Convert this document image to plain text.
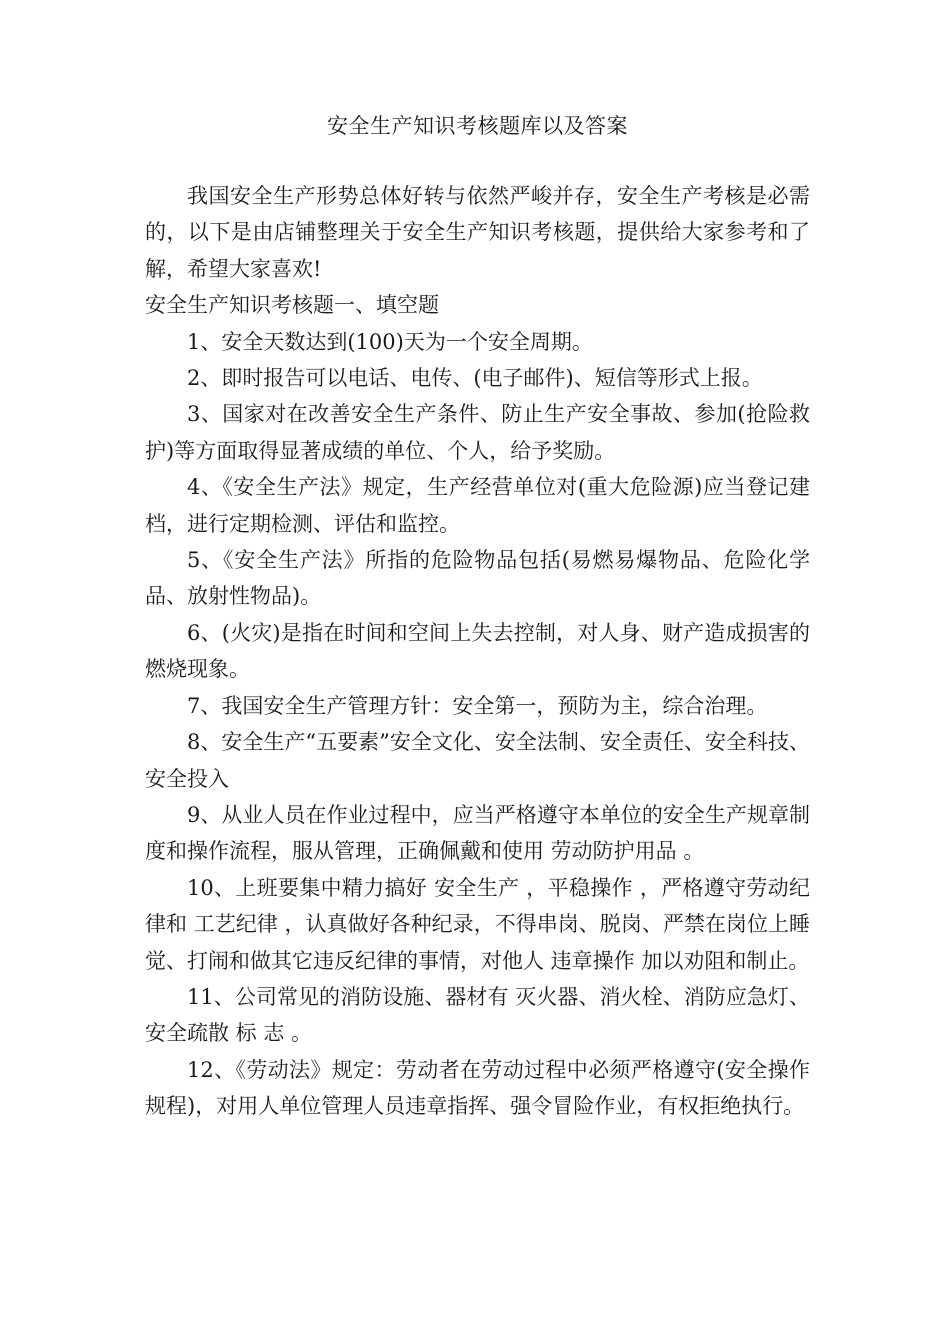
安全生产知识考核题库以及答案

我国安全生产形势总体好转与依然严峻并存，安全生产考核是必需的，以下是由店铺整理关于安全生产知识考核题，提供给大家参考和了解，希望大家喜欢!

安全生产知识考核题一、填空题

1、安全天数达到(100)天为一个安全周期。

2、即时报告可以电话、电传、(电子邮件)、短信等形式上报。

3、国家对在改善安全生产条件、防止生产安全事故、参加(抢险救护)等方面取得显著成绩的单位、个人，给予奖励。

4、《安全生产法》规定，生产经营单位对(重大危险源)应当登记建档，进行定期检测、评估和监控。

5、《安全生产法》所指的危险物品包括(易燃易爆物品、危险化学品、放射性物品)。

6、(火灾)是指在时间和空间上失去控制，对人身、财产造成损害的燃烧现象。

7、我国安全生产管理方针：安全第一，预防为主，综合治理。

8、安全生产“五要素”安全文化、安全法制、安全责任、安全科技、安全投入

9、从业人员在作业过程中，应当严格遵守本单位的安全生产规章制度和操作流程，服从管理，正确佩戴和使用 劳动防护用品 。

10、上班要集中精力搞好 安全生产 ，平稳操作 ，严格遵守劳动纪律和 工艺纪律 ，认真做好各种纪录，不得串岗、脱岗、严禁在岗位上睡觉、打闹和做其它违反纪律的事情，对他人 违章操作 加以劝阻和制止。

11、公司常见的消防设施、器材有 灭火器、消火栓、消防应急灯、安全疏散 标 志 。

12、《劳动法》规定：劳动者在劳动过程中必须严格遵守(安全操作规程)，对用人单位管理人员违章指挥、强令冒险作业，有权拒绝执行。
